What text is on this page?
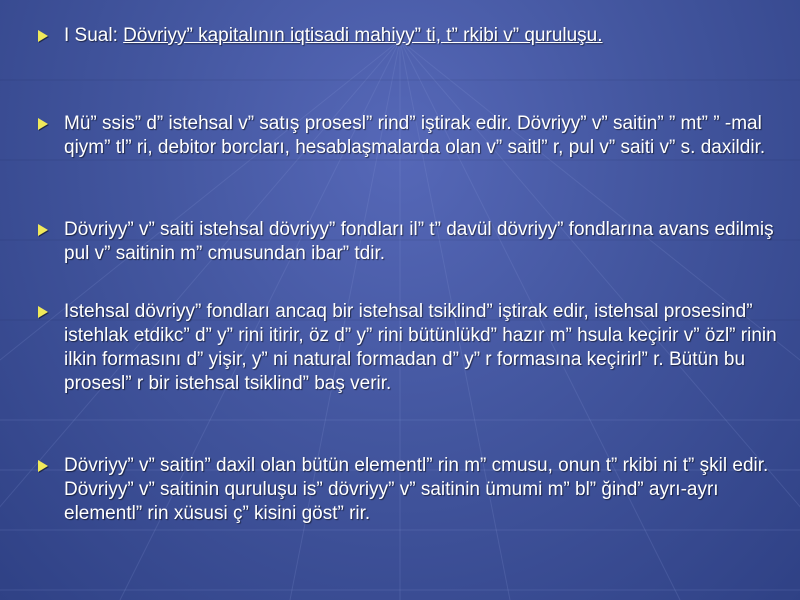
I Sual: Dövriyy” kapitalının iqtisadi mahiyy” ti, t” rkibi v” quruluşu.
Mü” ssis” d” istehsal v” satış prosesl” rind” iştirak edir. Dövriyy” v” saitin” ” mt” ” -mal qiym” tl” ri, debitor borcları, hesablaşmalarda olan v” saitl” r, pul v” saiti v” s. daxildir.
Dövriyy” v” saiti istehsal dövriyy” fondları il” t” davül dövriyy” fondlarına avans edilmiş pul v” saitinin m” cmusundan ibar” tdir.
Istehsal dövriyy” fondları ancaq bir istehsal tsiklind” iştirak edir, istehsal prosesind” istehlak etdikc” d” y” rini itirir, öz d” y” rini bütünlükd” hazır m” hsula keçirir v” özl” rinin ilkin formasını d” yişir, y” ni natural formadan d” y” r formasına keçirirl” r. Bütün bu prosesl” r bir istehsal tsiklind” baş verir.
Dövriyy” v” saitin” daxil olan bütün elementl” rin m” cmusu, onun t” rkibi ni t” şkil edir. Dövriyy” v” saitinin quruluşu is” dövriyy” v” saitinin ümumi m” bl” ğind” ayrı-ayrı elementl” rin xüsusi ç” kisini göst” rir.
